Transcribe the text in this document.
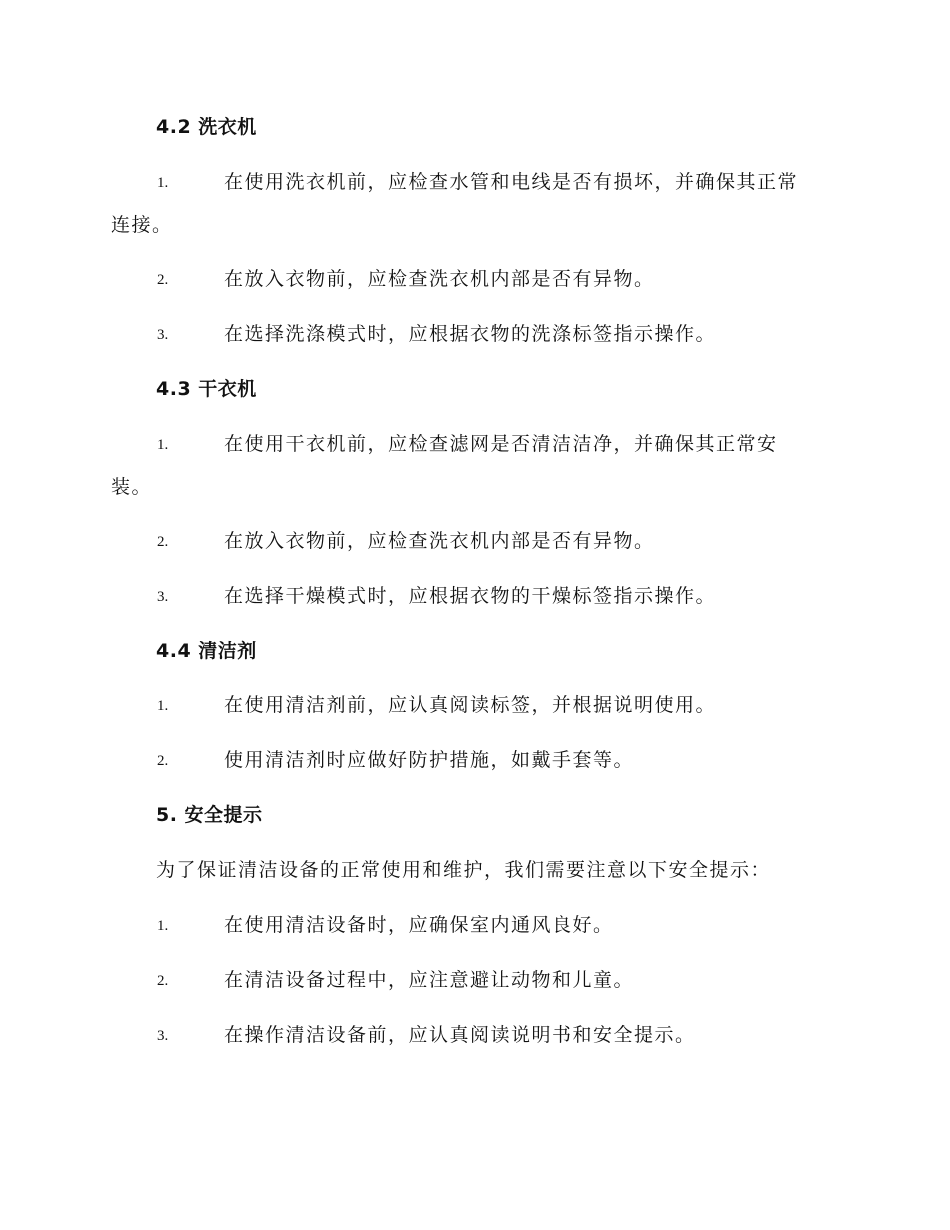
4.2 洗衣机
1.	在使用洗衣机前，应检查水管和电线是否有损坏，并确保其正常
连接。
2.	在放入衣物前，应检查洗衣机内部是否有异物。
3.	在选择洗涤模式时，应根据衣物的洗涤标签指示操作。
4.3 干衣机
1.	在使用干衣机前，应检查滤网是否清洁洁净，并确保其正常安
装。
2.	在放入衣物前，应检查洗衣机内部是否有异物。
3.	在选择干燥模式时，应根据衣物的干燥标签指示操作。
4.4 清洁剂
1.	在使用清洁剂前，应认真阅读标签，并根据说明使用。
2.	使用清洁剂时应做好防护措施，如戴手套等。
5. 安全提示
为了保证清洁设备的正常使用和维护，我们需要注意以下安全提示：
1.	在使用清洁设备时，应确保室内通风良好。
2.	在清洁设备过程中，应注意避让动物和儿童。
3.	在操作清洁设备前，应认真阅读说明书和安全提示。
